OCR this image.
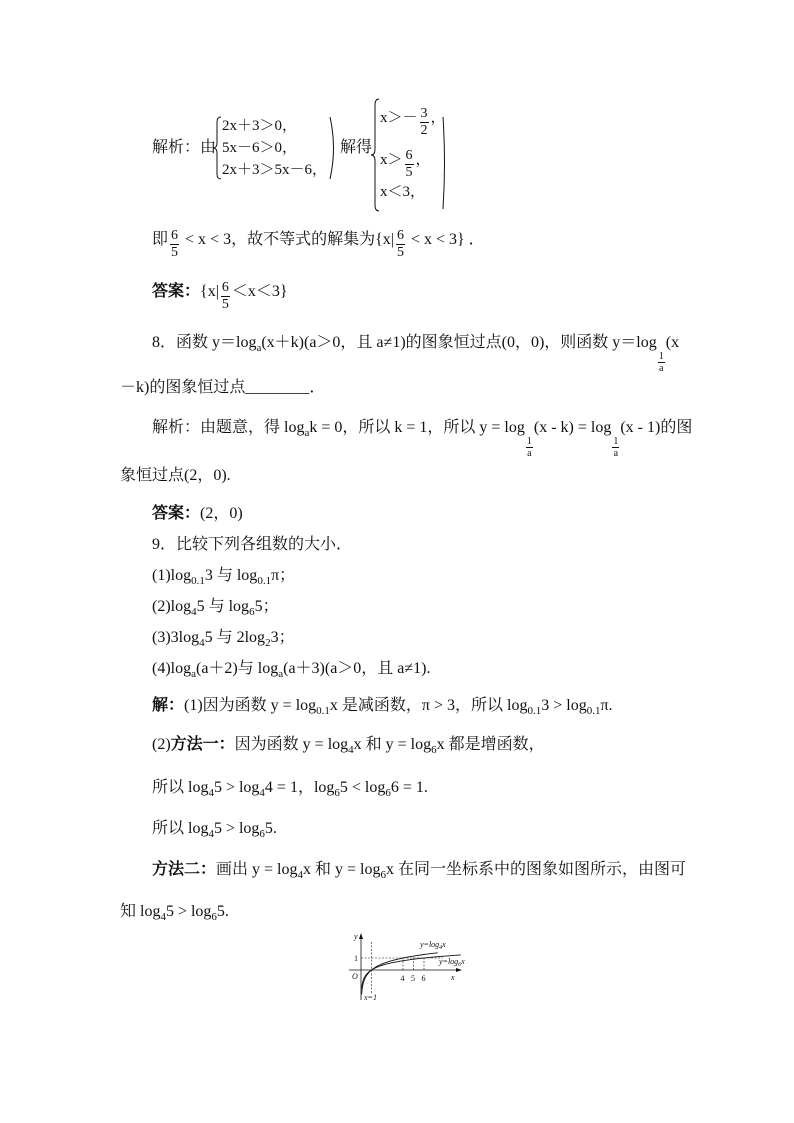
解析：由
2x＋3＞0，
5x－6＞0，
2x＋3＞5x－6，
解得
$x>- \frac{3}{2}$ ，
$x> \frac{6}{5}$ ，
x＜3，
即 $\frac{6}{5} < x < 3$，故不等式的解集为$\{x| \frac{6}{5} < x < 3\}$ ．
答案：$\{x| \frac{6}{5} <x<3\}$
8．函数 $y=\log_a(x+k)(a>0$，且 a≠1)的图象恒过点(0，0)，则函数 y＝log
$\frac{1}{a}$
(x
－k)的图象恒过点________．
解析：由题意，得 $\log_ak = 0$，所以 k = 1，所以 y = log
$\frac{1}{a}$
(x - k) = log
$\frac{1}{a}$
(x - 1)的图
象恒过点(2，0).
答案：(2，0)
9．比较下列各组数的大小．
$(1)\log_{0.1}3$ 与 $\log_{0.1}\pi$；
$(2)\log_45$ 与 $\log_65$；
$(3)3\log_45$ 与 $2\log_23$；
$(4)\log_a(a+2)$与 $\log_a(a+3)(a>0$，且 a≠1).
解：(1)因为函数 $y = \log_{0.1}x$ 是减函数，π > 3，所以 $\log_{0.1}3 > \log_{0.1}\pi$.
(2)方法一：因为函数 $y = \log_4x$ 和 $y = \log_6x$ 都是增函数，
所以 $\log_45 > \log_44 = 1$，$\log_65 < \log_66 = 1$.
所以 $\log_45 > \log_65$.
方法二：画出 $y = \log_4x$ 和 $y = \log_6x$ 在同一坐标系中的图象如图所示，由图可
知 $\log_45 > \log_65$.
y
x
O
1
4 5 6
x=1
$y=\log_4x$
$y=\log_6x$
